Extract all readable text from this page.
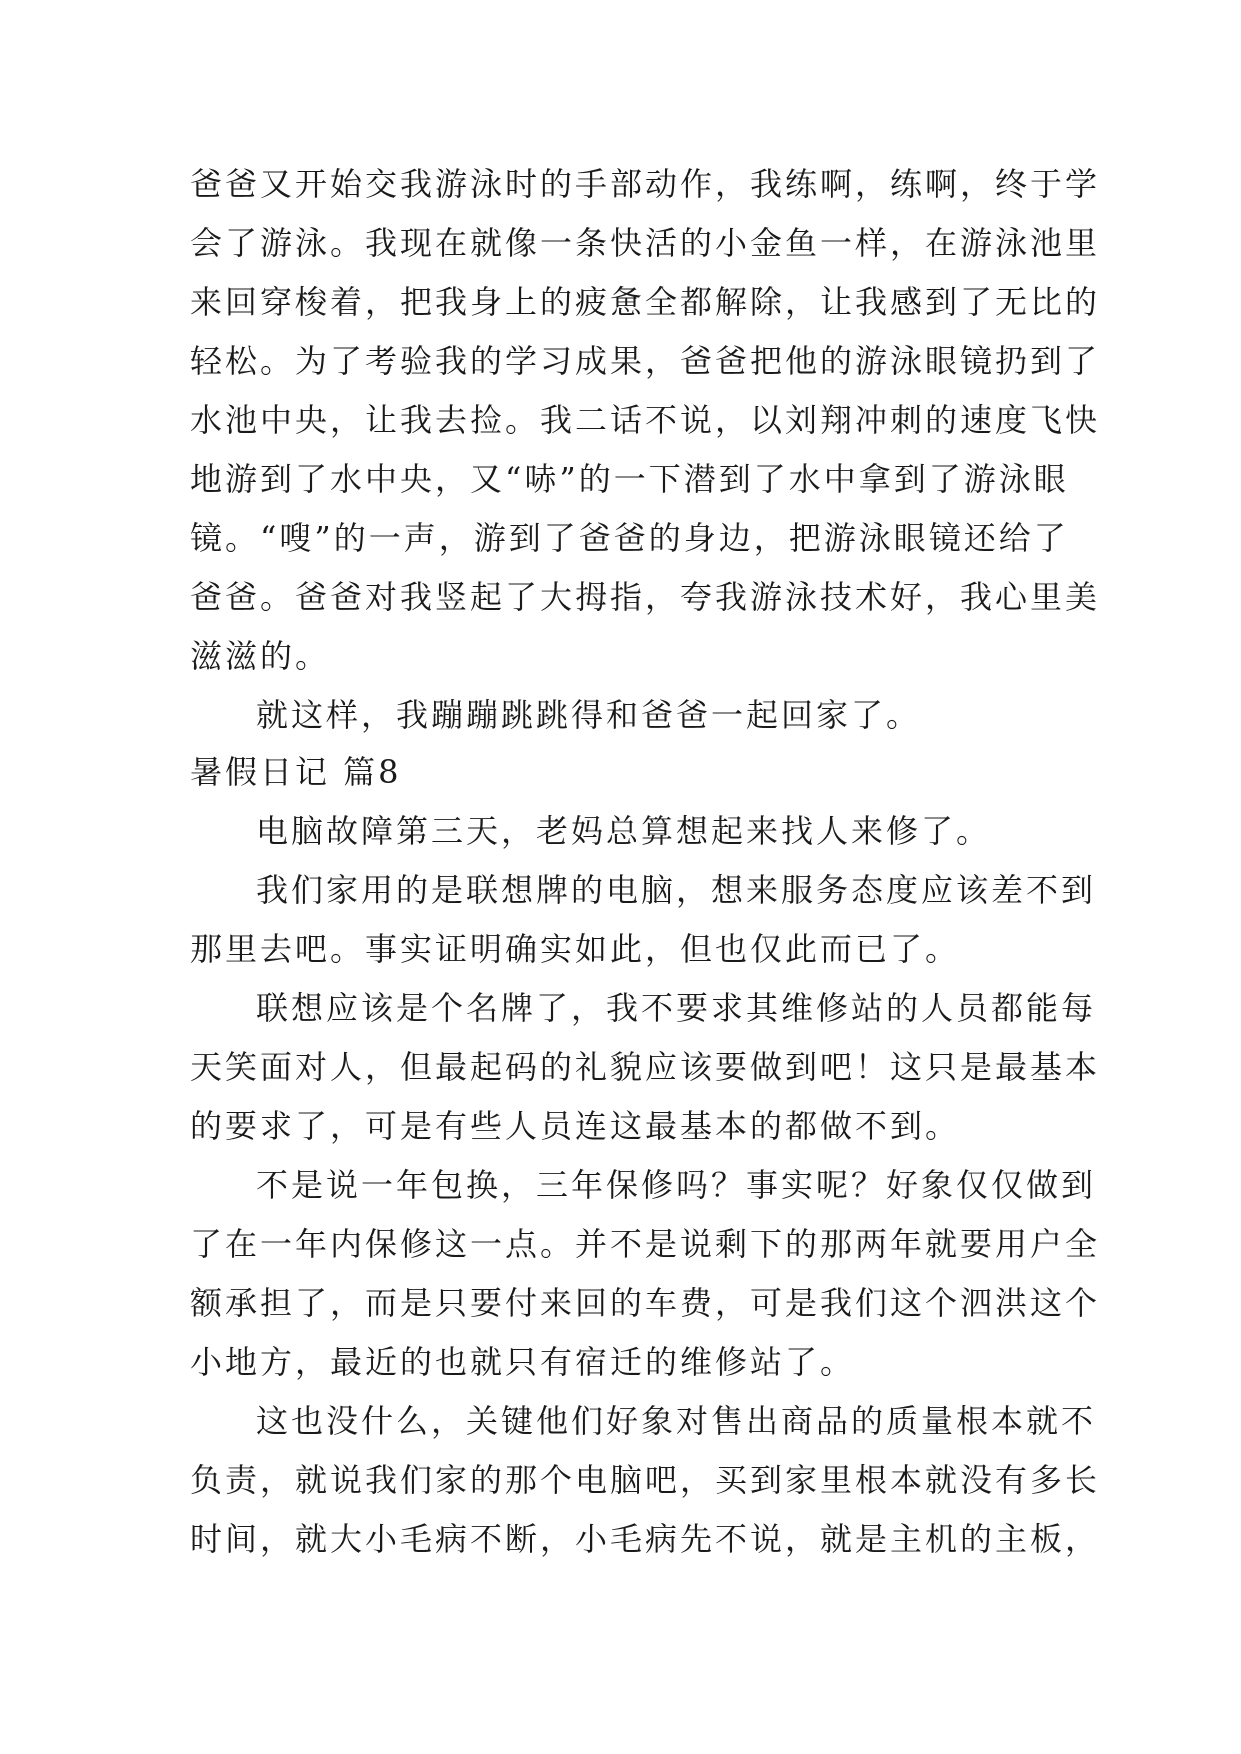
爸爸又开始交我游泳时的手部动作，我练啊，练啊，终于学
会了游泳。我现在就像一条快活的小金鱼一样，在游泳池里
来回穿梭着，把我身上的疲惫全都解除，让我感到了无比的
轻松。为了考验我的学习成果，爸爸把他的游泳眼镜扔到了
水池中央，让我去捡。我二话不说，以刘翔冲刺的速度飞快
地游到了水中央，又“哧”的一下潜到了水中拿到了游泳眼
镜。“嗖”的一声，游到了爸爸的身边，把游泳眼镜还给了
爸爸。爸爸对我竖起了大拇指，夸我游泳技术好，我心里美
滋滋的。
就这样，我蹦蹦跳跳得和爸爸一起回家了。
暑假日记 篇8
电脑故障第三天，老妈总算想起来找人来修了。
我们家用的是联想牌的电脑，想来服务态度应该差不到
那里去吧。事实证明确实如此，但也仅此而已了。
联想应该是个名牌了，我不要求其维修站的人员都能每
天笑面对人，但最起码的礼貌应该要做到吧！这只是最基本
的要求了，可是有些人员连这最基本的都做不到。
不是说一年包换，三年保修吗？事实呢？好象仅仅做到
了在一年内保修这一点。并不是说剩下的那两年就要用户全
额承担了，而是只要付来回的车费，可是我们这个泗洪这个
小地方，最近的也就只有宿迁的维修站了。
这也没什么，关键他们好象对售出商品的质量根本就不
负责，就说我们家的那个电脑吧，买到家里根本就没有多长
时间，就大小毛病不断，小毛病先不说，就是主机的主板，
